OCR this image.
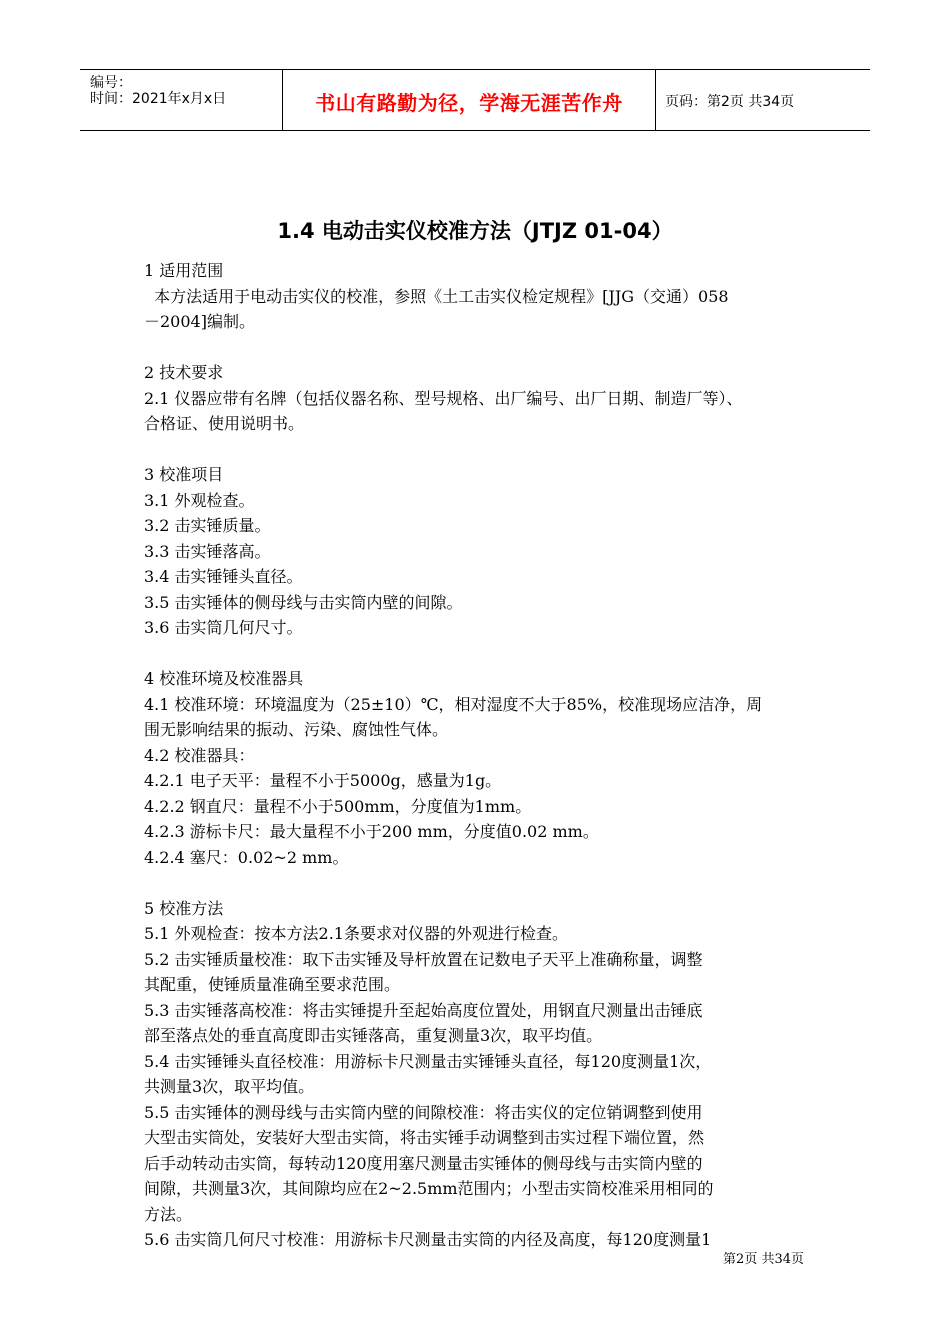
编号：
时间：2021年x月x日	书山有路勤为径，学海无涯苦作舟	页码：第2页 共34页
1.4 电动击实仪校准方法（JTJZ 01-04）

1 适用范围

本方法适用于电动击实仪的校准，参照《土工击实仪检定规程》[JJG（交通）058

－2004]编制。

2 技术要求

2.1 仪器应带有名牌（包括仪器名称、型号规格、出厂编号、出厂日期、制造厂等）、

合格证、使用说明书。

3 校准项目

3.1 外观检查。

3.2 击实锤质量。

3.3 击实锤落高。

3.4 击实锤锤头直径。

3.5 击实锤体的侧母线与击实筒内壁的间隙。

3.6 击实筒几何尺寸。

4 校准环境及校准器具

4.1 校准环境：环境温度为（25±10）℃，相对湿度不大于85%，校准现场应洁净，周

围无影响结果的振动、污染、腐蚀性气体。

4.2 校准器具：

4.2.1 电子天平：量程不小于5000g，感量为1g。

4.2.2 钢直尺：量程不小于500mm，分度值为1mm。

4.2.3 游标卡尺：最大量程不小于200 mm，分度值0.02 mm。

4.2.4 塞尺：0.02~2 mm。

5 校准方法

5.1 外观检查：按本方法2.1条要求对仪器的外观进行检查。

5.2 击实锤质量校准：取下击实锤及导杆放置在记数电子天平上准确称量，调整

其配重，使锤质量准确至要求范围。

5.3 击实锤落高校准：将击实锤提升至起始高度位置处，用钢直尺测量出击锤底

部至落点处的垂直高度即击实锤落高，重复测量3次，取平均值。

5.4 击实锤锤头直径校准：用游标卡尺测量击实锤锤头直径，每120度测量1次，

共测量3次，取平均值。

5.5 击实锤体的测母线与击实筒内壁的间隙校准：将击实仪的定位销调整到使用

大型击实筒处，安装好大型击实筒，将击实锤手动调整到击实过程下端位置，然

后手动转动击实筒，每转动120度用塞尺测量击实锤体的侧母线与击实筒内壁的

间隙，共测量3次，其间隙均应在2~2.5mm范围内；小型击实筒校准采用相同的

方法。

5.6 击实筒几何尺寸校准：用游标卡尺测量击实筒的内径及高度，每120度测量1

第2页 共34页
